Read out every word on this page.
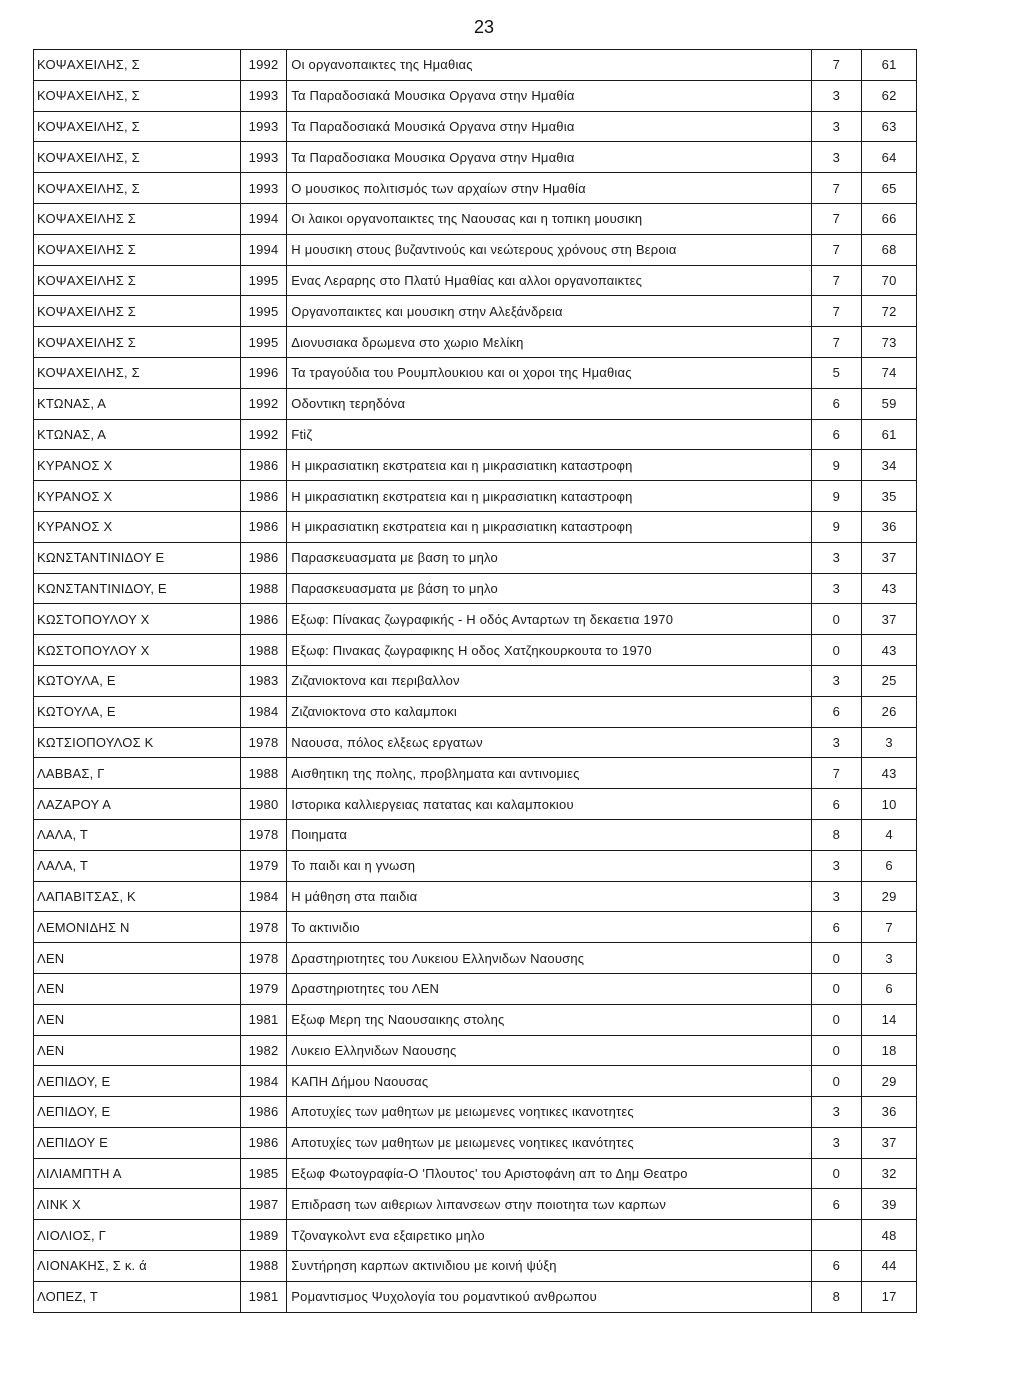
23
ΚΟΨΑΧΕΙΛΗΣ, Σ	1992	Οι οργανοπαικτες της Ημαθιας	7	61
ΚΟΨΑΧΕΙΛΗΣ, Σ	1993	Τα Παραδοσιακά Μουσικα Οργανα στην Ημαθία	3	62
ΚΟΨΑΧΕΙΛΗΣ, Σ	1993	Τα Παραδοσιακά Μουσικά Οργανα στην Ημαθια	3	63
ΚΟΨΑΧΕΙΛΗΣ, Σ	1993	Τα Παραδοσιακα Μουσικα Οργανα στην Ημαθια	3	64
ΚΟΨΑΧΕΙΛΗΣ, Σ	1993	Ο μουσικος πολιτισμός των αρχαίων στην Ημαθία	7	65
ΚΟΨΑΧΕΙΛΗΣ Σ	1994	Οι λαικοι οργανοπαικτες της Ναουσας και η τοπικη μουσικη	7	66
ΚΟΨΑΧΕΙΛΗΣ Σ	1994	Η μουσικη στους βυζαντινούς και νεώτερους χρόνους στη Βεροια	7	68
ΚΟΨΑΧΕΙΛΗΣ Σ	1995	Ενας Λεραρης στο Πλατύ Ημαθίας και αλλοι οργανοπαικτες	7	70
ΚΟΨΑΧΕΙΛΗΣ Σ	1995	Οργανοπαικτες και μουσικη στην Αλεξάνδρεια	7	72
ΚΟΨΑΧΕΙΛΗΣ Σ	1995	Διονυσιακα δρωμενα στο χωριο Μελίκη	7	73
ΚΟΨΑΧΕΙΛΗΣ, Σ	1996	Τα τραγούδια του Ρουμπλουκιου και οι χοροι της Ημαθιας	5	74
ΚΤΩΝΑΣ, Α	1992	Οδοντικη τερηδόνα	6	59
ΚΤΩΝΑΣ, Α	1992	Ftiζ	6	61
ΚΥΡΑΝΟΣ Χ	1986	Η μικρασιατικη εκστρατεια και η μικρασιατικη καταστροφη	9	34
ΚΥΡΑΝΟΣ Χ	1986	Η μικρασιατικη εκστρατεια και η μικρασιατικη καταστροφη	9	35
ΚΥΡΑΝΟΣ Χ	1986	Η μικρασιατικη εκστρατεια και η μικρασιατικη καταστροφη	9	36
ΚΩΝΣΤΑΝΤΙΝΙΔΟΥ Ε	1986	Παρασκευασματα με βαση το μηλο	3	37
ΚΩΝΣΤΑΝΤΙΝΙΔΟΥ, Ε	1988	Παρασκευασματα με βάση το μηλο	3	43
ΚΩΣΤΟΠΟΥΛΟΥ Χ	1986	Εξωφ: Πίνακας ζωγραφικής - Η οδός Ανταρτων τη δεκαετια 1970	0	37
ΚΩΣΤΟΠΟΥΛΟΥ Χ	1988	Εξωφ: Πινακας ζωγραφικης Η οδος Χατζηκουρκουτα το 1970	0	43
ΚΩΤΟΥΛΑ, Ε	1983	Ζιζανιοκτονα και περιβαλλον	3	25
ΚΩΤΟΥΛΑ, Ε	1984	Ζιζανιοκτονα στο καλαμποκι	6	26
ΚΩΤΣΙΟΠΟΥΛΟΣ Κ	1978	Ναουσα, πόλος ελξεως εργατων	3	3
ΛΑΒΒΑΣ, Γ	1988	Αισθητικη της πολης, προβληματα και αντινομιες	7	43
ΛΑΖΑΡΟΥ Α	1980	Ιστορικα καλλιεργειας πατατας και καλαμποκιου	6	10
ΛΑΛΑ, Τ	1978	Ποιηματα	8	4
ΛΑΛΑ, Τ	1979	Το παιδι και η γνωση	3	6
ΛΑΠΑΒΙΤΣΑΣ, Κ	1984	Η μάθηση στα παιδια	3	29
ΛΕΜΟΝΙΔΗΣ Ν	1978	Το ακτινιδιο	6	7
ΛΕΝ	1978	Δραστηριοτητες του Λυκειου Ελληνιδων Ναουσης	0	3
ΛΕΝ	1979	Δραστηριοτητες του ΛΕΝ	0	6
ΛΕΝ	1981	Εξωφ Μερη της Ναουσαικης στολης	0	14
ΛΕΝ	1982	Λυκειο Ελληνιδων Ναουσης	0	18
ΛΕΠΙΔΟΥ, Ε	1984	ΚΑΠΗ Δήμου Ναουσας	0	29
ΛΕΠΙΔΟΥ, Ε	1986	Αποτυχίες των μαθητων με μειωμενες νοητικες ικανοτητες	3	36
ΛΕΠΙΔΟΥ Ε	1986	Αποτυχίες των μαθητων με μειωμενες νοητικες ικανότητες	3	37
ΛΙΛΙΑΜΠΤΗ Α	1985	Εξωφ Φωτογραφία-Ο 'Πλουτος' του Αριστοφάνη απ το Δημ Θεατρο	0	32
ΛΙΝΚ Χ	1987	Επιδραση των αιθεριων λιπανσεων στην ποιοτητα των καρπων	6	39
ΛΙΟΛΙΟΣ, Γ	1989	Τζοναγκολντ ενα εξαιρετικο μηλο		48
ΛΙΟΝΑΚΗΣ, Σ κ. ά	1988	Συντήρηση καρπων ακτινιδιου με κοινή ψύξη	6	44
ΛΟΠΕΖ, Τ	1981	Ρομαντισμος Ψυχολογία του ρομαντικού ανθρωπου	8	17
